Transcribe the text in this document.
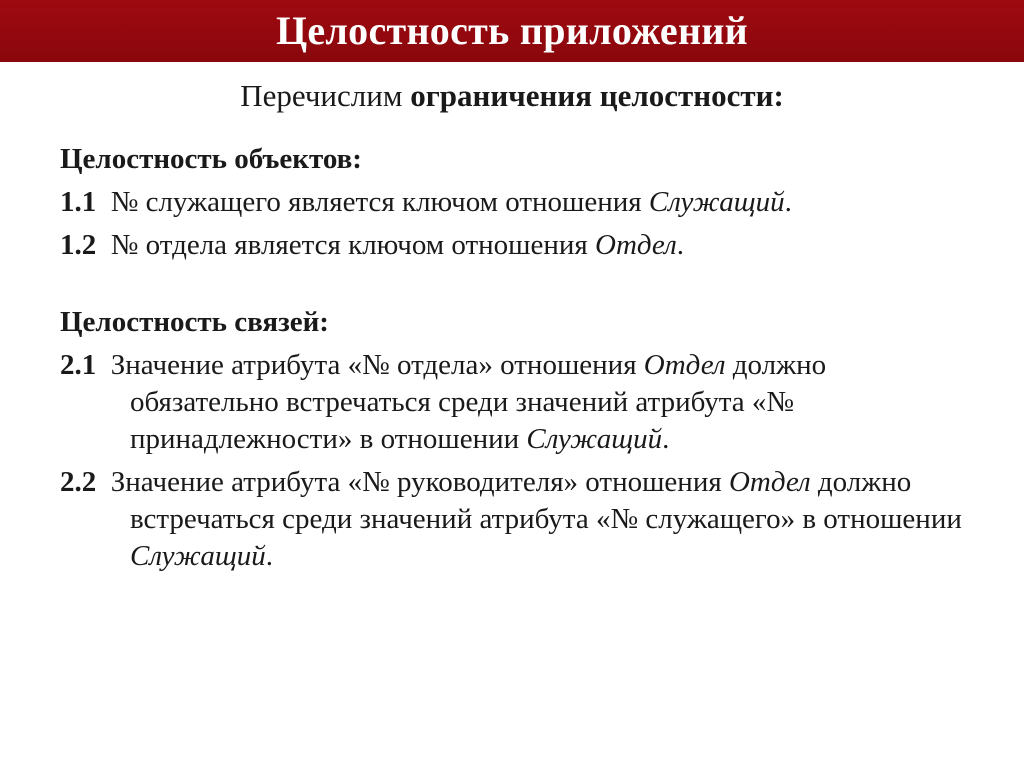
Целостность приложений
Перечислим ограничения целостности:
Целостность объектов:
1.1 № служащего является ключом отношения Служащий.
1.2 № отдела является ключом отношения Отдел.
Целостность связей:
2.1 Значение атрибута «№ отдела» отношения Отдел должно обязательно встречаться среди значений атрибута «№ принадлежности» в отношении Служащий.
2.2 Значение атрибута «№ руководителя» отношения Отдел должно встречаться среди значений атрибута «№ служащего» в отношении Служащий.
